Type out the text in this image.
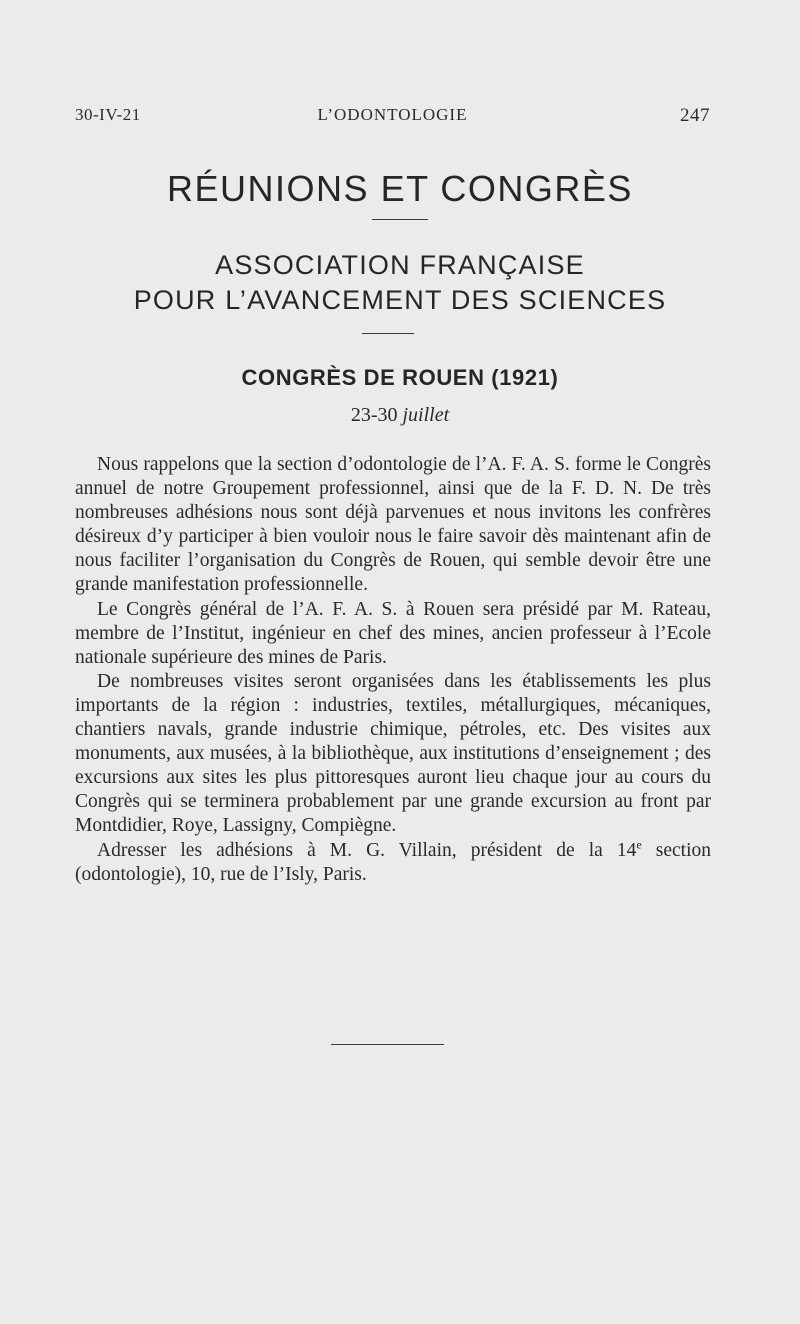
30-IV-21	L’ODONTOLOGIE	247
RÉUNIONS ET CONGRÈS
ASSOCIATION FRANÇAISE
POUR L’AVANCEMENT DES SCIENCES
CONGRÈS DE ROUEN (1921)
23-30 juillet

Nous rappelons que la section d’odontologie de l’A. F. A. S. forme le Congrès annuel de notre Groupement professionnel, ainsi que de la F. D. N. De très nombreuses adhésions nous sont déjà parvenues et nous invitons les confrères désireux d’y participer à bien vouloir nous le faire savoir dès maintenant afin de nous faciliter l’organisation du Congrès de Rouen, qui semble devoir être une grande manifestation professionnelle.

Le Congrès général de l’A. F. A. S. à Rouen sera présidé par M. Rateau, membre de l’Institut, ingénieur en chef des mines, ancien professeur à l’Ecole nationale supérieure des mines de Paris.

De nombreuses visites seront organisées dans les établissements les plus importants de la région : industries, textiles, métallurgiques, mécaniques, chantiers navals, grande industrie chimique, pétroles, etc. Des visites aux monuments, aux musées, à la bibliothèque, aux institutions d’enseignement ; des excursions aux sites les plus pittoresques auront lieu chaque jour au cours du Congrès qui se terminera probablement par une grande excursion au front par Montdidier, Roye, Lassigny, Compiègne.

Adresser les adhésions à M. G. Villain, président de la 14e section (odontologie), 10, rue de l’Isly, Paris.
